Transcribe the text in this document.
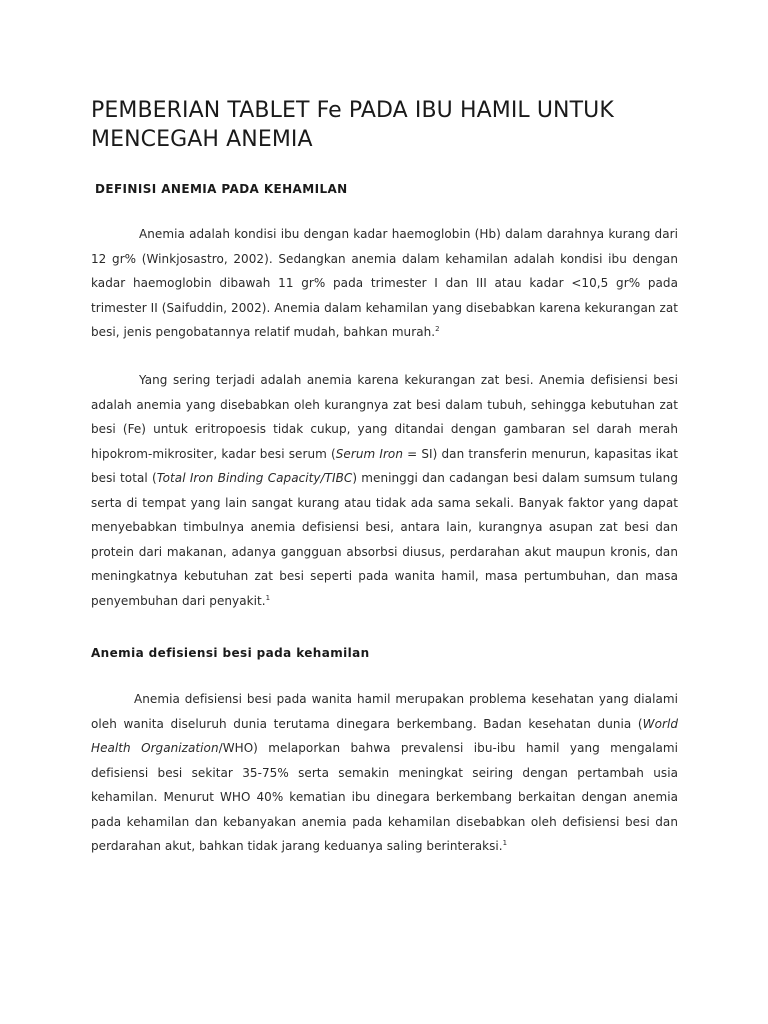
PEMBERIAN TABLET Fe PADA IBU HAMIL UNTUK MENCEGAH ANEMIA
DEFINISI ANEMIA PADA KEHAMILAN

Anemia adalah kondisi ibu dengan kadar haemoglobin (Hb) dalam darahnya kurang dari 12 gr% (Winkjosastro, 2002). Sedangkan anemia dalam kehamilan adalah kondisi ibu dengan kadar haemoglobin dibawah 11 gr% pada trimester I dan III atau kadar <10,5 gr% pada trimester II (Saifuddin, 2002). Anemia dalam kehamilan yang disebabkan karena kekurangan zat besi, jenis pengobatannya relatif mudah, bahkan murah.$^2$

Yang sering terjadi adalah anemia karena kekurangan zat besi. Anemia defisiensi besi adalah anemia yang disebabkan oleh kurangnya zat besi dalam tubuh, sehingga kebutuhan zat besi (Fe) untuk eritropoesis tidak cukup, yang ditandai dengan gambaran sel darah merah hipokrom-mikrositer, kadar besi serum (Serum Iron = SI) dan transferin menurun, kapasitas ikat besi total (Total Iron Binding Capacity/TIBC) meninggi dan cadangan besi dalam sumsum tulang serta di tempat yang lain sangat kurang atau tidak ada sama sekali. Banyak faktor yang dapat menyebabkan timbulnya anemia defisiensi besi, antara lain, kurangnya asupan zat besi dan protein dari makanan, adanya gangguan absorbsi diusus, perdarahan akut maupun kronis, dan meningkatnya kebutuhan zat besi seperti pada wanita hamil, masa pertumbuhan, dan masa penyembuhan dari penyakit.$^1$

Anemia defisiensi besi pada kehamilan

Anemia defisiensi besi pada wanita hamil merupakan problema kesehatan yang dialami oleh wanita diseluruh dunia terutama dinegara berkembang. Badan kesehatan dunia (World Health Organization/WHO) melaporkan bahwa prevalensi ibu-ibu hamil yang mengalami defisiensi besi sekitar 35-75% serta semakin meningkat seiring dengan pertambah usia kehamilan. Menurut WHO 40% kematian ibu dinegara berkembang berkaitan dengan anemia pada kehamilan dan kebanyakan anemia pada kehamilan disebabkan oleh defisiensi besi dan perdarahan akut, bahkan tidak jarang keduanya saling berinteraksi.$^1$
